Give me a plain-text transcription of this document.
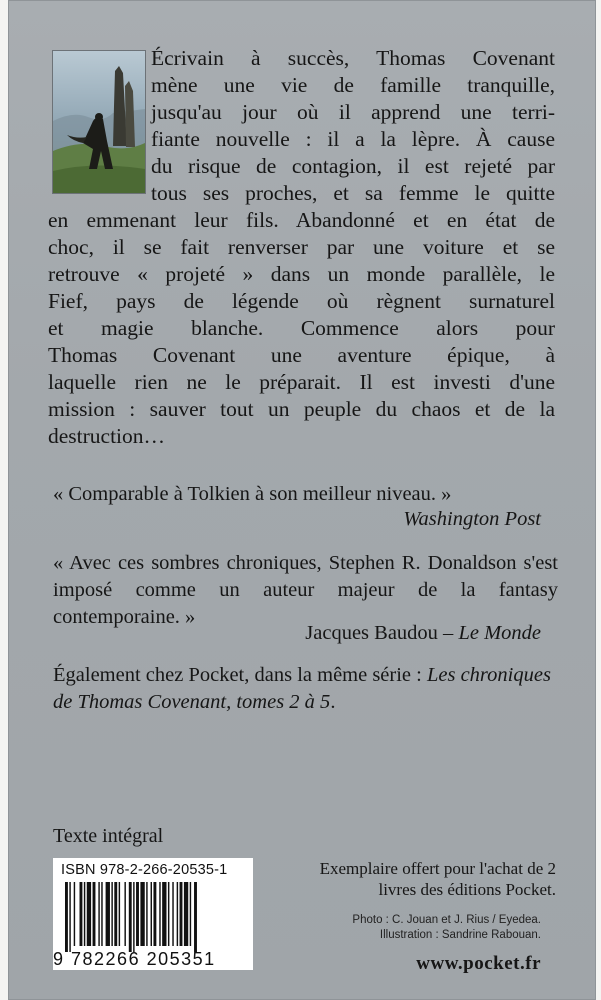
Écrivain à succès, Thomas Covenant
mène une vie de famille tranquille,
jusqu'au jour où il apprend une terri-
fiante nouvelle : il a la lèpre. À cause
du risque de contagion, il est rejeté par
tous ses proches, et sa femme le quitte
en emmenant leur fils. Abandonné et en état de
choc, il se fait renverser par une voiture et se
retrouve « projeté » dans un monde parallèle, le
Fief, pays de légende où règnent surnaturel
et magie blanche. Commence alors pour
Thomas Covenant une aventure épique, à
laquelle rien ne le préparait. Il est investi d'une
mission : sauver tout un peuple du chaos et de la
destruction…
« Comparable à Tolkien à son meilleur niveau. »
Washington Post
« Avec ces sombres chroniques, Stephen R. Donaldson s'est imposé comme un auteur majeur de la fantasy contemporaine. »
Jacques Baudou – Le Monde
Également chez Pocket, dans la même série : Les chroniques de Thomas Covenant, tomes 2 à 5.
Texte intégral
ISBN 978-2-266-20535-1
9 782266 205351
Exemplaire offert pour l'achat de 2 livres des éditions Pocket.
Photo : C. Jouan et J. Rius / Eyedea.
Illustration : Sandrine Rabouan.
www.pocket.fr
